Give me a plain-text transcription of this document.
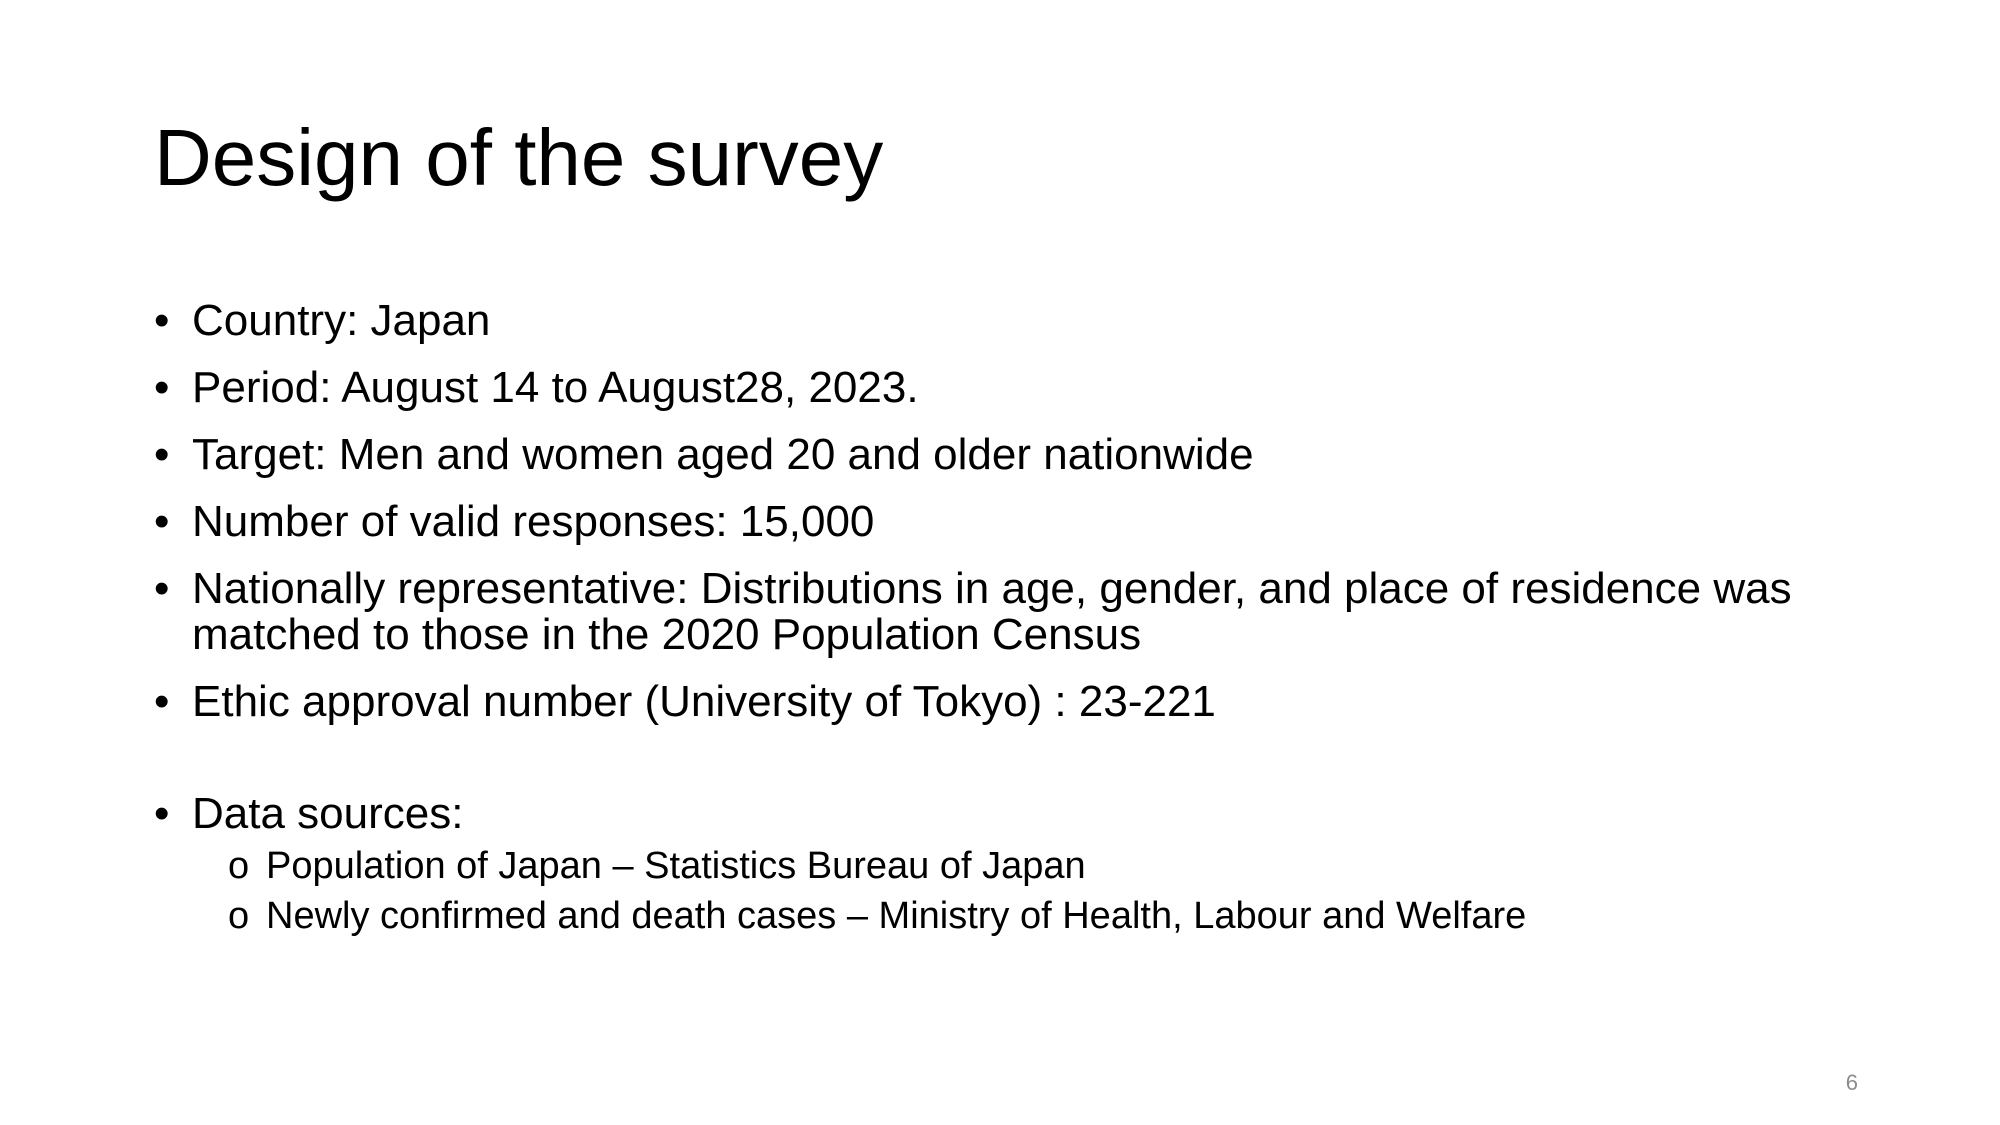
Design of the survey
• Country: Japan
• Period: August 14 to August28, 2023.
• Target: Men and women aged 20 and older nationwide
• Number of valid responses: 15,000
• Nationally representative: Distributions in age, gender, and place of residence was matched to those in the 2020 Population Census
• Ethic approval number (University of Tokyo) : 23-221
• Data sources:
o Population of Japan – Statistics Bureau of Japan
o Newly confirmed and death cases – Ministry of Health, Labour and Welfare
6
